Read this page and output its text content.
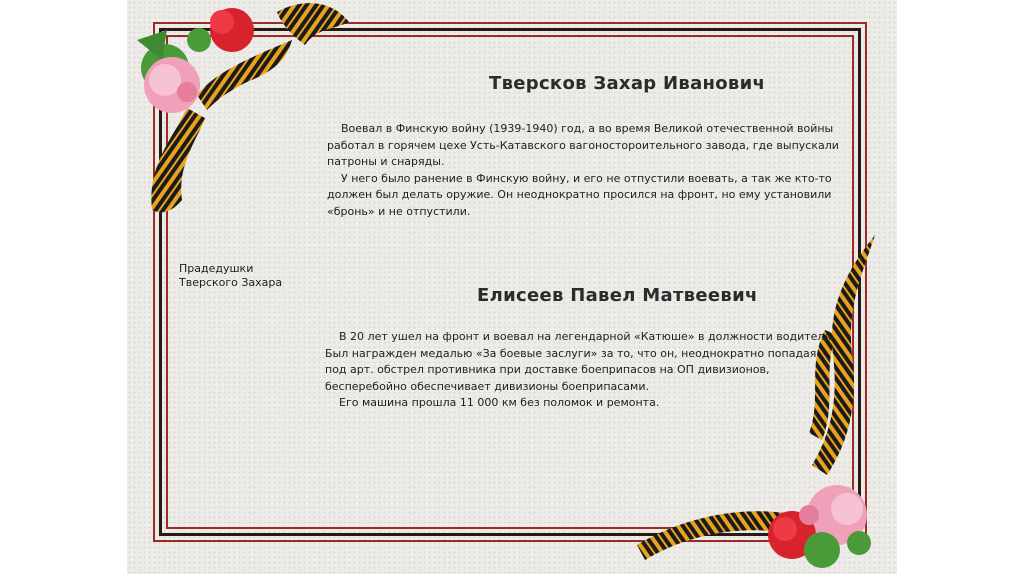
Тверсков Захар Иванович

Воевал в Финскую войну (1939-1940) год, а во время Великой отечественной войны

работал в горячем цехе Усть-Катавского вагоностороительного завода, где выпускали

патроны и снаряды.

У него было ранение в Финскую войну, и его не отпустили воевать, а так же кто-то

должен был делать оружие. Он неоднократно просился на фронт, но ему установили

«бронь» и не отпустили.

Прадедушки
Тверского Захара
Елисеев Павел Матвеевич

В 20 лет ушел на фронт и воевал на легендарной «Катюше» в должности водителя.

Был награжден медалью «За боевые заслуги» за то, что он, неоднократно попадая

под арт. обстрел противника при доставке боеприпасов на ОП дивизионов,

бесперебойно обеспечивает дивизионы боеприпасами.

Его машина прошла 11 000 км без поломок и ремонта.
